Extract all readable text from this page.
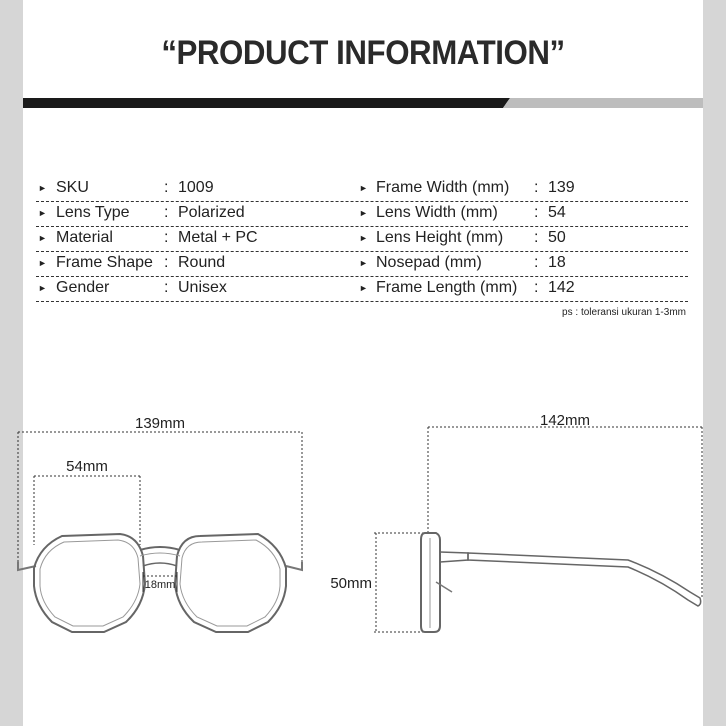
“PRODUCT INFORMATION”
► SKU	: 1009	► Frame Width (mm) : 139
► Lens Type : Polarized	► Lens Width (mm) : 54
► Material	: Metal + PC	► Lens Height (mm) : 50
► Frame Shape : Round	► Nosepad (mm)	: 18
► Gender	: Unisex	► Frame Length (mm) : 142
ps : toleransi ukuran 1-3mm
139mm
54mm
18mm
142mm
50mm
